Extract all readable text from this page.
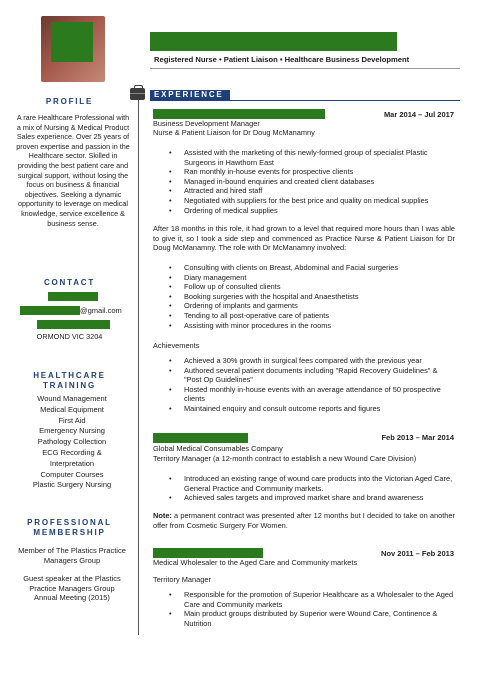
PROFILE
A rare Healthcare Professional with a mix of Nursing & Medical Product Sales experience. Over 25 years of proven expertise and passion in the Healthcare sector. Skilled in providing the best patient care and surgical support, without losing the focus on business & financial objectives. Seeking a dynamic opportunity to leverage on medical knowledge, service excellence & business sense.
CONTACT
@gmail.com
ORMOND VIC 3204
HEALTHCARE
TRAINING
Wound Management
Medical Equipment
First Aid
Emergency Nursing
Pathology Collection
ECG Recording &
Interpretation
Computer Courses
Plastic Surgery Nursing
PROFESSIONAL
MEMBERSHIP
Member of The Plastics Practice Managers Group
Guest speaker at the Plastics Practice Managers Group Annual Meeting (2015)
Registered Nurse • Patient Liaison • Healthcare Business Development
EXPERIENCE
Mar 2014 – Jul 2017
Business Development Manager
Nurse & Patient Liaison for Dr Doug McManamny
• Assisted with the marketing of this newly-formed group of specialist Plastic Surgeons in Hawthorn East
• Ran monthly in-house events for prospective clients
• Managed in-bound enquiries and created client databases
• Attracted and hired staff
• Negotiated with suppliers for the best price and quality on medical supplies
• Ordering of medical supplies
After 18 months in this role, it had grown to a level that required more hours than I was able to give it, so I took a side step and commenced as Practice Nurse & Patient Liaison for Dr Doug McManamny. The role with Dr McManamny involved:
• Consulting with clients on Breast, Abdominal and Facial surgeries
• Diary management
• Follow up of consulted clients
• Booking surgeries with the hospital and Anaesthetists
• Ordering of implants and garments
• Tending to all post-operative care of patients
• Assisting with minor procedures in the rooms
Achievements
• Achieved a 30% growth in surgical fees compared with the previous year
• Authored several patient documents including "Rapid Recovery Guidelines" & "Post Op Guidelines"
• Hosted monthly in-house events with an average attendance of 50 prospective clients
• Maintained enquiry and consult outcome reports and figures
Feb 2013 – Mar 2014
Global Medical Consumables Company
Territory Manager (a 12-month contract to establish a new Wound Care Division)
• Introduced an existing range of wound care products into the Victorian Aged Care, General Practice and Community markets.
• Achieved sales targets and improved market share and brand awareness
Note: a permanent contract was presented after 12 months but I decided to take on another offer from Cosmetic Surgery For Women.
Nov 2011 – Feb 2013
Medical Wholesaler to the Aged Care and Community markets
Territory Manager
• Responsible for the promotion of Superior Healthcare as a Wholesaler to the Aged Care and Community markets
• Main product groups distributed by Superior were Wound Care, Continence & Nutrition
